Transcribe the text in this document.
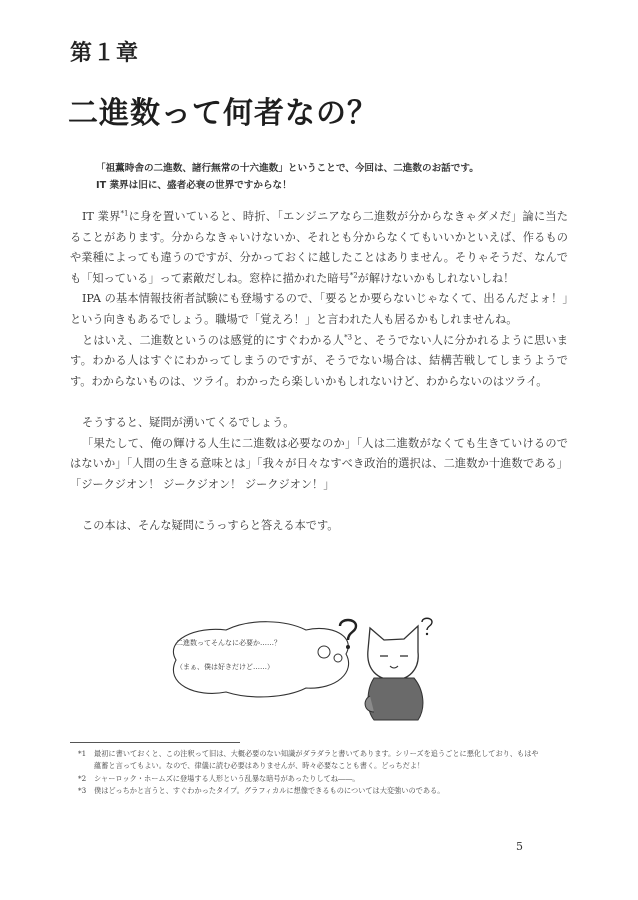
第１章
二進数って何者なの？

「祖薫時舎の二進数、諸行無常の十六進数」ということで、今回は、二進数のお話です。

IT 業界は旧に、盛者必衰の世界ですからな！

IT 業界$^{*1}$に身を置いていると、時折、「エンジニアなら二進数が分からなきゃダメだ」論に当たることがあります。分からなきゃいけないか、それとも分からなくてもいいかといえば、作るものや業種によっても違うのですが、分かっておくに越したことはありません。そりゃそうだ、なんでも「知っている」って素敵だしね。窓枠に描かれた暗号$^{*2}$が解けないかもしれないしね！

IPA の基本情報技術者試験にも登場するので、「要るとか要らないじゃなくて、出るんだよォ！」という向きもあるでしょう。職場で「覚えろ！」と言われた人も居るかもしれませんね。

とはいえ、二進数というのは感覚的にすぐわかる人$^{*3}$と、そうでない人に分かれるように思います。わかる人はすぐにわかってしまうのですが、そうでない場合は、結構苦戦してしまうようです。わからないものは、ツライ。わかったら楽しいかもしれないけど、わからないのはツライ。

そうすると、疑問が湧いてくるでしょう。

「果たして、俺の輝ける人生に二進数は必要なのか」「人は二進数がなくても生きていけるのではないか」「人間の生きる意味とは」「我々が日々なすべき政治的選択は、二進数か十進数である」「ジークジオン！ ジークジオン！ ジークジオン！」

この本は、そんな疑問にうっすらと答える本です。

二進数ってそんなに必要か……？
（まぁ、僕は好きだけど……）
*1 最初に書いておくと、この注釈って旧は、大概必要のない知識がダラダラと書いてあります。シリーズを追うごとに悪化しており、もはや蘊蓄と言ってもよい。なので、律儀に読む必要はありませんが、時々必要なことも書く。どっちだよ！
*2 シャーロック・ホームズに登場する人形という乱暴な暗号があったりしてね――。
*3 僕はどっちかと言うと、すぐわかったタイプ。グラフィカルに想像できるものについては大変強いのである。
5
